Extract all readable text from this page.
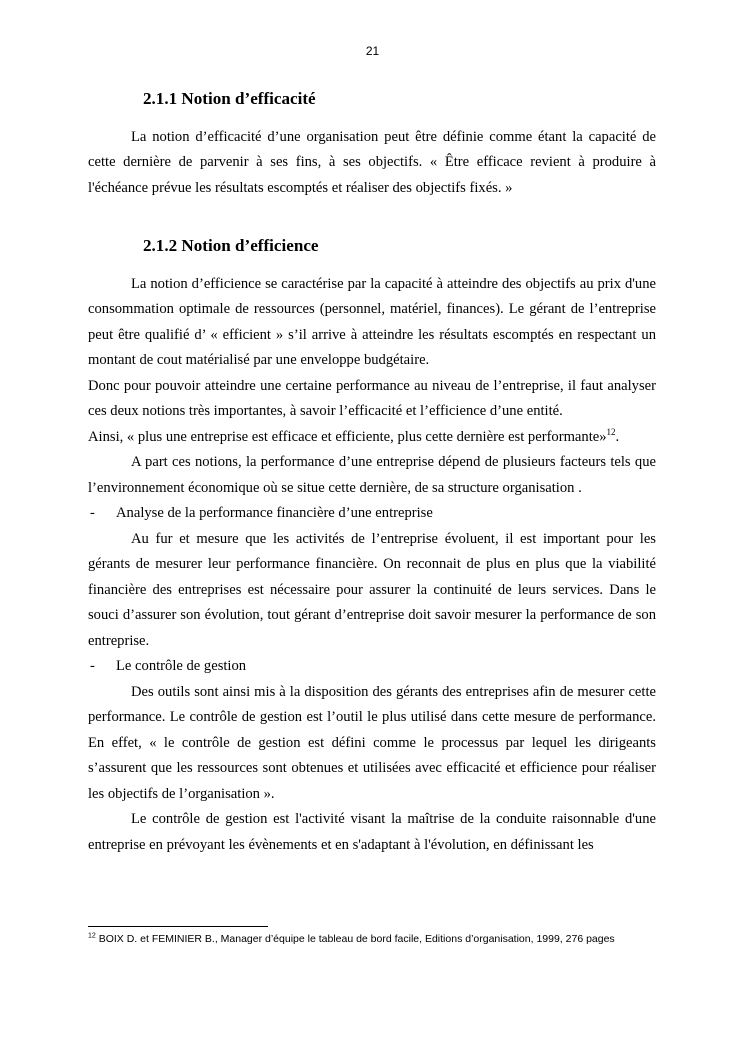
21
2.1.1 Notion d’efficacité

La notion d’efficacité d’une organisation peut être définie comme étant la capacité de cette dernière de parvenir à ses fins, à ses objectifs. « Être efficace revient à produire à l'échéance prévue les résultats escomptés et réaliser des objectifs fixés. »

2.1.2 Notion d’efficience

La notion d’efficience se caractérise par la capacité à atteindre des objectifs au prix d'une consommation optimale de ressources (personnel, matériel, finances). Le gérant de l’entreprise peut être qualifié d’ « efficient » s’il arrive à atteindre les résultats escomptés en respectant un montant de cout matérialisé par une enveloppe budgétaire.

Donc pour pouvoir atteindre une certaine performance au niveau de l’entreprise, il faut analyser ces deux notions très importantes, à savoir l’efficacité et l’efficience d’une entité.

Ainsi, « plus une entreprise est efficace et efficiente, plus cette dernière est performante»$^{12}$.

A part ces notions, la performance d’une entreprise dépend de plusieurs facteurs tels que l’environnement économique où se situe cette dernière, de sa structure organisation .

-	Analyse de la performance financière d’une entreprise

Au fur et mesure que les activités de l’entreprise évoluent, il est important pour les gérants de mesurer leur performance financière. On reconnait de plus en plus que la viabilité financière des entreprises est nécessaire pour assurer la continuité de leurs services. Dans le souci d’assurer son évolution, tout gérant d’entreprise doit savoir mesurer la performance de son entreprise.

-	Le contrôle de gestion

Des outils sont ainsi mis à la disposition des gérants des entreprises afin de mesurer cette performance. Le contrôle de gestion est l’outil le plus utilisé dans cette mesure de performance. En effet, « le contrôle de gestion est défini comme le processus par lequel les dirigeants s’assurent que les ressources sont obtenues et utilisées avec efficacité et efficience pour réaliser les objectifs de l’organisation ».

Le contrôle de gestion est l'activité visant la maîtrise de la conduite raisonnable d'une entreprise en prévoyant les évènements et en s'adaptant à l'évolution, en définissant les

$^{12}$ BOIX D. et FEMINIER B., Manager d’équipe le tableau de bord facile, Editions d’organisation, 1999, 276 pages
